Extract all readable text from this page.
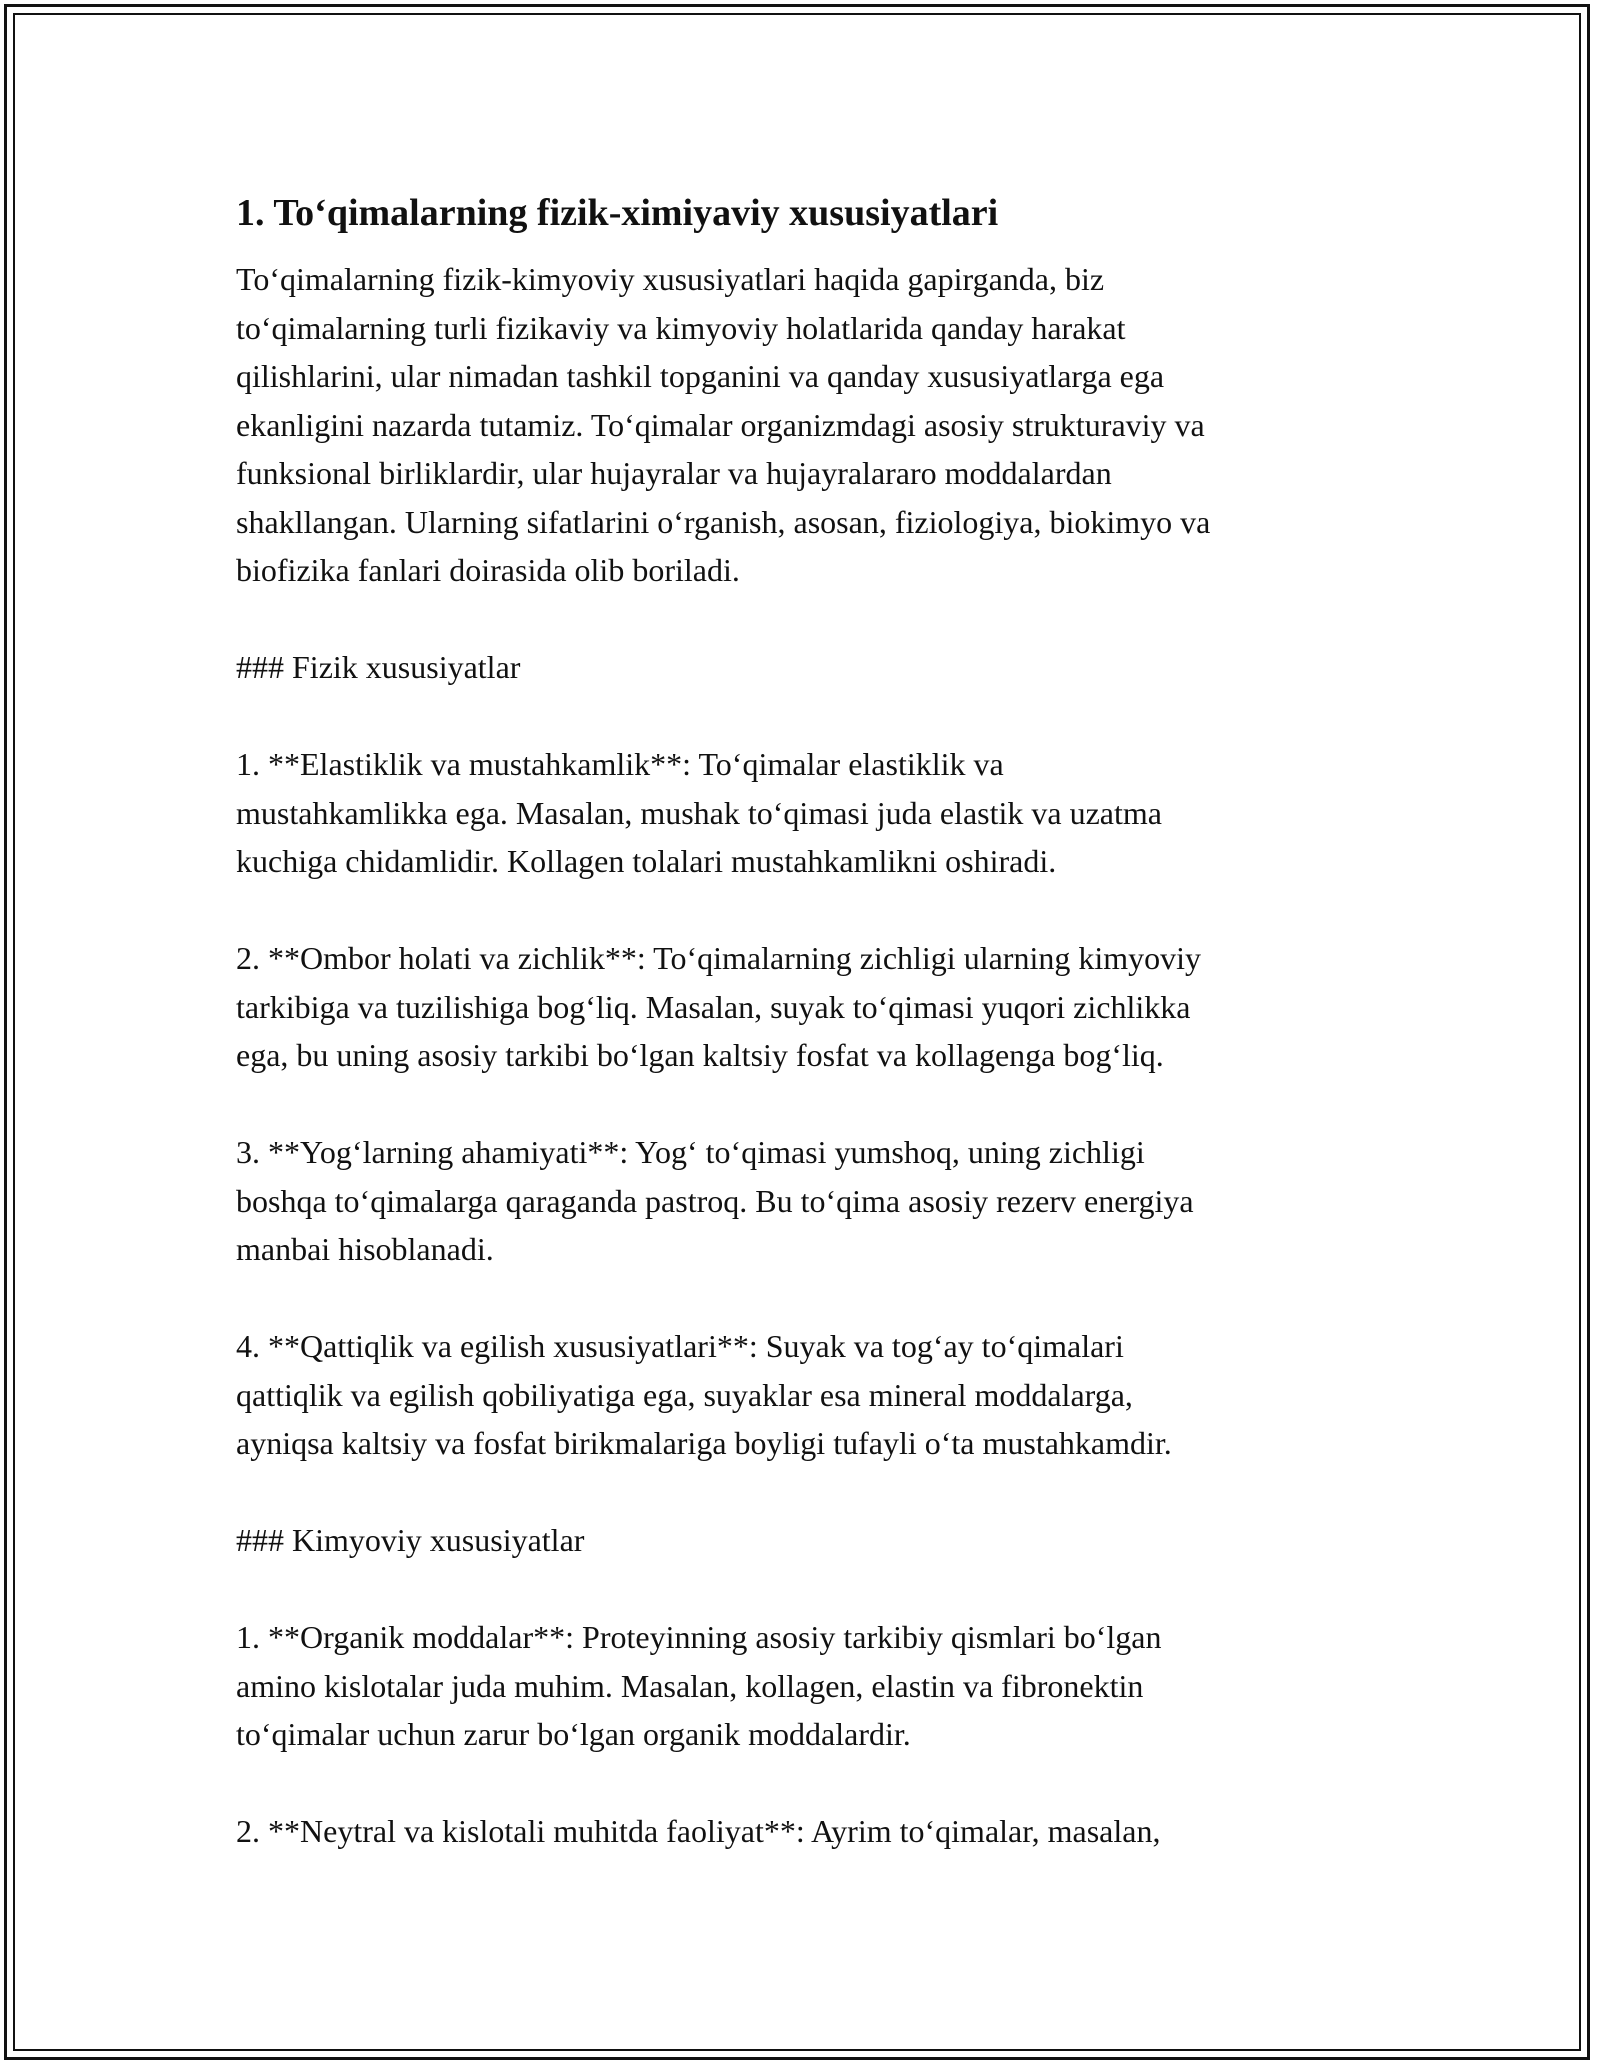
1. To‘qimalarning fizik-ximiyaviy xususiyatlari
To‘qimalarning fizik-kimyoviy xususiyatlari haqida gapirganda, biz
to‘qimalarning turli fizikaviy va kimyoviy holatlarida qanday harakat
qilishlarini, ular nimadan tashkil topganini va qanday xususiyatlarga ega
ekanligini nazarda tutamiz. To‘qimalar organizmdagi asosiy strukturaviy va
funksional birliklardir, ular hujayralar va hujayralararo moddalardan
shakllangan. Ularning sifatlarini o‘rganish, asosan, fiziologiya, biokimyo va
biofizika fanlari doirasida olib boriladi.
### Fizik xususiyatlar
1. **Elastiklik va mustahkamlik**: To‘qimalar elastiklik va
mustahkamlikka ega. Masalan, mushak to‘qimasi juda elastik va uzatma
kuchiga chidamlidir. Kollagen tolalari mustahkamlikni oshiradi.
2. **Ombor holati va zichlik**: To‘qimalarning zichligi ularning kimyoviy
tarkibiga va tuzilishiga bog‘liq. Masalan, suyak to‘qimasi yuqori zichlikka
ega, bu uning asosiy tarkibi bo‘lgan kaltsiy fosfat va kollagenga bog‘liq.
3. **Yog‘larning ahamiyati**: Yog‘ to‘qimasi yumshoq, uning zichligi
boshqa to‘qimalarga qaraganda pastroq. Bu to‘qima asosiy rezerv energiya
manbai hisoblanadi.
4. **Qattiqlik va egilish xususiyatlari**: Suyak va tog‘ay to‘qimalari
qattiqlik va egilish qobiliyatiga ega, suyaklar esa mineral moddalarga,
ayniqsa kaltsiy va fosfat birikmalariga boyligi tufayli o‘ta mustahkamdir.
### Kimyoviy xususiyatlar
1. **Organik moddalar**: Proteyinning asosiy tarkibiy qismlari bo‘lgan
amino kislotalar juda muhim. Masalan, kollagen, elastin va fibronektin
to‘qimalar uchun zarur bo‘lgan organik moddalardir.
2. **Neytral va kislotali muhitda faoliyat**: Ayrim to‘qimalar, masalan,
